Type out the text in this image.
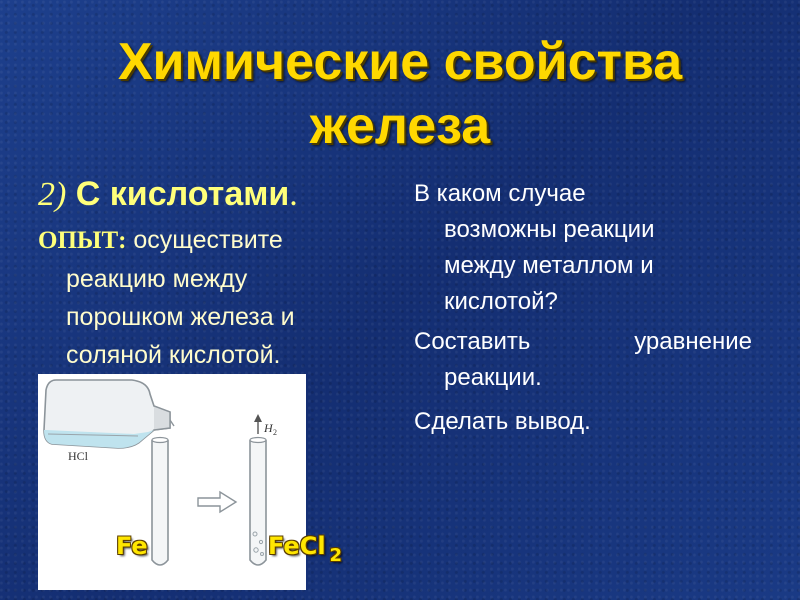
Химические свойства
железа
2) С кислотами.
ОПЫТ: осуществите
реакцию между
порошком железа и
соляной кислотой.

В каком случае
возможны реакции
между металлом и
кислотой?

Составить	уравнение
реакции.

Сделать вывод.

H 2
HCl
Fe	FeCl $_2$
